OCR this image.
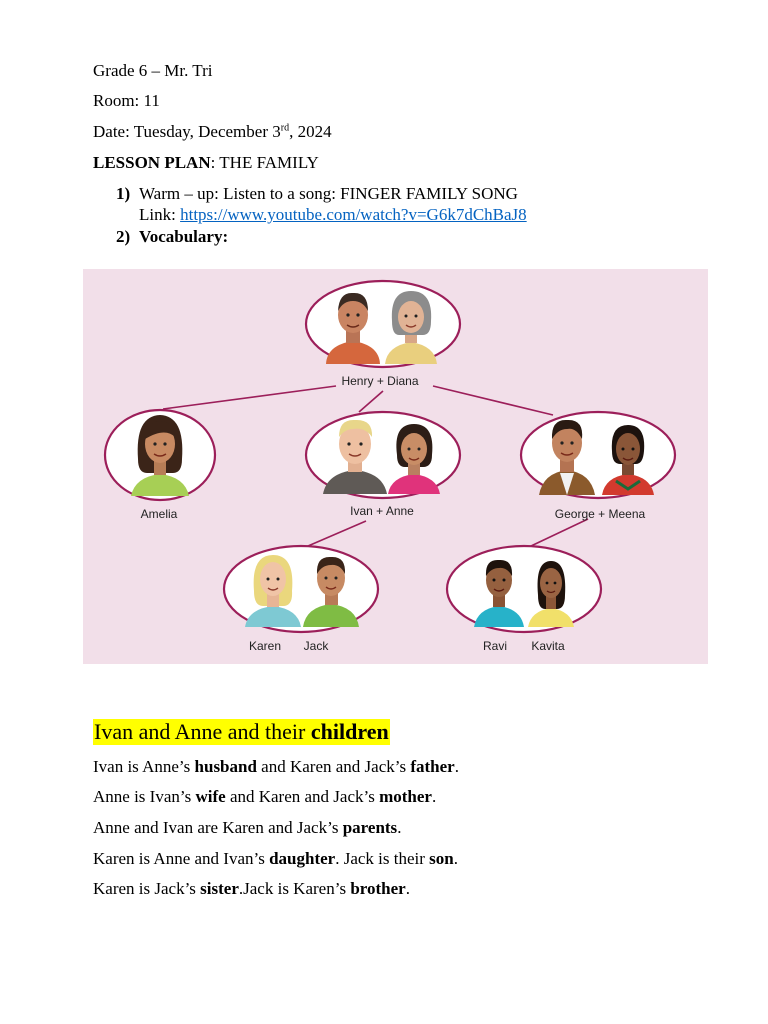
Grade 6 – Mr. Tri
Room: 11
Date: Tuesday, December 3rd, 2024
LESSON PLAN: THE FAMILY
1) Warm – up: Listen to a song: FINGER FAMILY SONG
Link: https://www.youtube.com/watch?v=G6k7dChBaJ8
2) Vocabulary:
Henry + Diana
Amelia	Ivan + Anne	George + Meena
Karen Jack	Ravi Kavita
Ivan and Anne and their children
Ivan is Anne’s husband and Karen and Jack’s father.
Anne is Ivan’s wife and Karen and Jack’s mother.
Anne and Ivan are Karen and Jack’s parents.
Karen is Anne and Ivan’s daughter. Jack is their son.
Karen is Jack’s sister.Jack is Karen’s brother.
